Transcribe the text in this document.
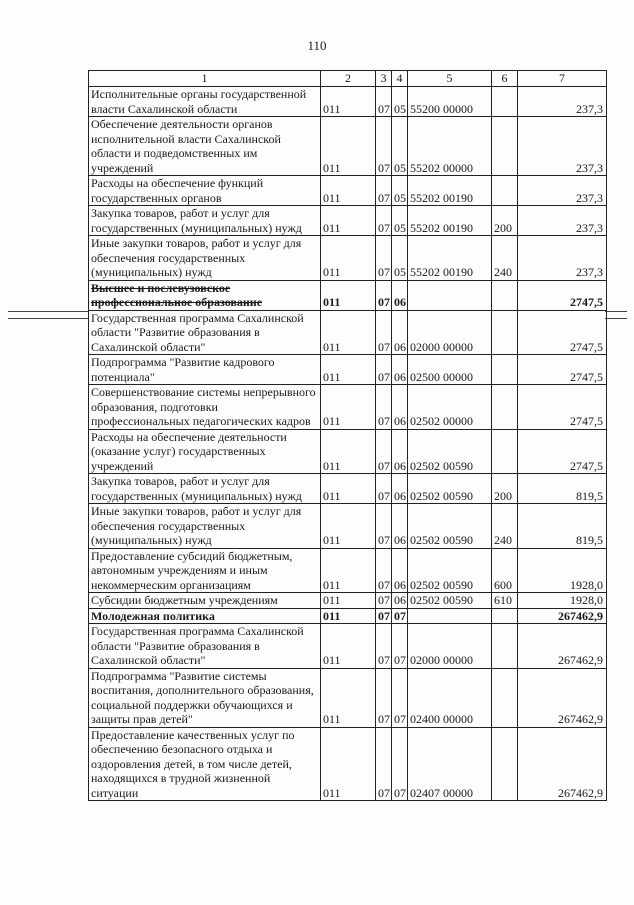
110
1	2	3	4	5	6	7
Исполнительные органы государственной власти Сахалинской области	011	07	05	55200 00000		237,3
Обеспечение деятельности органов исполнительной власти Сахалинской области и подведомственных им учреждений	011	07	05	55202 00000		237,3
Расходы на обеспечение функций государственных органов	011	07	05	55202 00190		237,3
Закупка товаров, работ и услуг для государственных (муниципальных) нужд	011	07	05	55202 00190	200	237,3
Иные закупки товаров, работ и услуг для обеспечения государственных (муниципальных) нужд	011	07	05	55202 00190	240	237,3
Высшее и послевузовское профессиональное образование	011	07	06			2747,5
Государственная программа Сахалинской области "Развитие образования в Сахалинской области"	011	07	06	02000 00000		2747,5
Подпрограмма "Развитие кадрового потенциала"	011	07	06	02500 00000		2747,5
Совершенствование системы непрерывного образования, подготовки профессиональных педагогических кадров	011	07	06	02502 00000		2747,5
Расходы на обеспечение деятельности (оказание услуг) государственных учреждений	011	07	06	02502 00590		2747,5
Закупка товаров, работ и услуг для государственных (муниципальных) нужд	011	07	06	02502 00590	200	819,5
Иные закупки товаров, работ и услуг для обеспечения государственных (муниципальных) нужд	011	07	06	02502 00590	240	819,5
Предоставление субсидий бюджетным, автономным учреждениям и иным некоммерческим организациям	011	07	06	02502 00590	600	1928,0
Субсидии бюджетным учреждениям	011	07	06	02502 00590	610	1928,0
Молодежная политика	011	07	07			267462,9
Государственная программа Сахалинской области "Развитие образования в Сахалинской области"	011	07	07	02000 00000		267462,9
Подпрограмма "Развитие системы воспитания, дополнительного образования, социальной поддержки обучающихся и защиты прав детей"	011	07	07	02400 00000		267462,9
Предоставление качественных услуг по обеспечению безопасного отдыха и оздоровления детей, в том числе детей, находящихся в трудной жизненной ситуации	011	07	07	02407 00000		267462,9
